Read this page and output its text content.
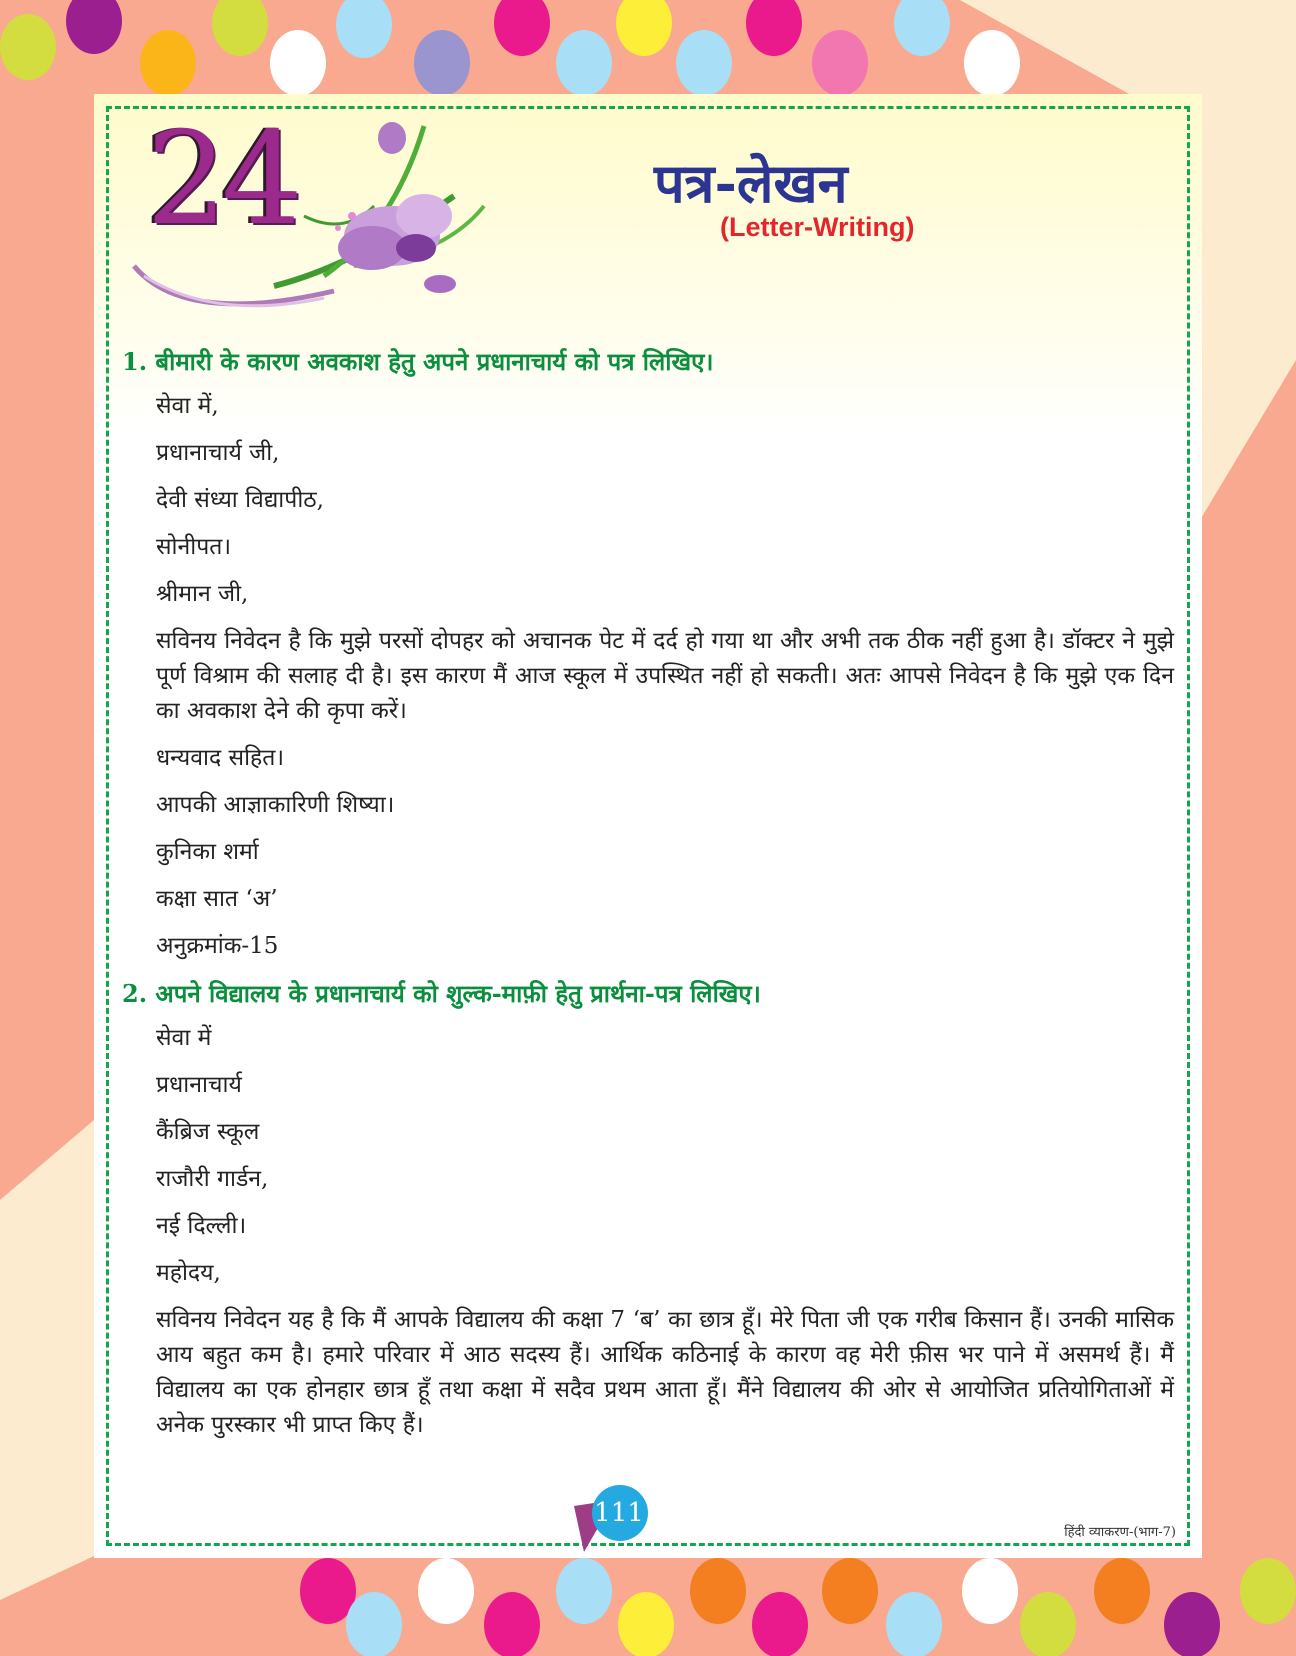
24	पत्र-लेखन
(Letter-Writing)
1. बीमारी के कारण अवकाश हेतु अपने प्रधानाचार्य को पत्र लिखिए।
सेवा में,
प्रधानाचार्य जी,
देवी संध्या विद्यापीठ,
सोनीपत।
श्रीमान जी,
सविनय निवेदन है कि मुझे परसों दोपहर को अचानक पेट में दर्द हो गया था और अभी तक ठीक नहीं हुआ है। डॉक्टर ने मुझे पूर्ण विश्राम की सलाह दी है। इस कारण मैं आज स्कूल में उपस्थित नहीं हो सकती। अतः आपसे निवेदन है कि मुझे एक दिन का अवकाश देने की कृपा करें।
धन्यवाद सहित।
आपकी आज्ञाकारिणी शिष्या।
कुनिका शर्मा
कक्षा सात ‘अ’
अनुक्रमांक-15
2. अपने विद्यालय के प्रधानाचार्य को शुल्क-माफ़ी हेतु प्रार्थना-पत्र लिखिए।
सेवा में
प्रधानाचार्य
कैंब्रिज स्कूल
राजौरी गार्डन,
नई दिल्ली।
महोदय,
सविनय निवेदन यह है कि मैं आपके विद्यालय की कक्षा 7 ‘ब’ का छात्र हूँ। मेरे पिता जी एक गरीब किसान हैं। उनकी मासिक आय बहुत कम है। हमारे परिवार में आठ सदस्य हैं। आर्थिक कठिनाई के कारण वह मेरी फ़ीस भर पाने में असमर्थ हैं। मैं विद्यालय का एक होनहार छात्र हूँ तथा कक्षा में सदैव प्रथम आता हूँ। मैंने विद्यालय की ओर से आयोजित प्रतियोगिताओं में अनेक पुरस्कार भी प्राप्त किए हैं।
111
हिंदी व्याकरण-(भाग-7)
